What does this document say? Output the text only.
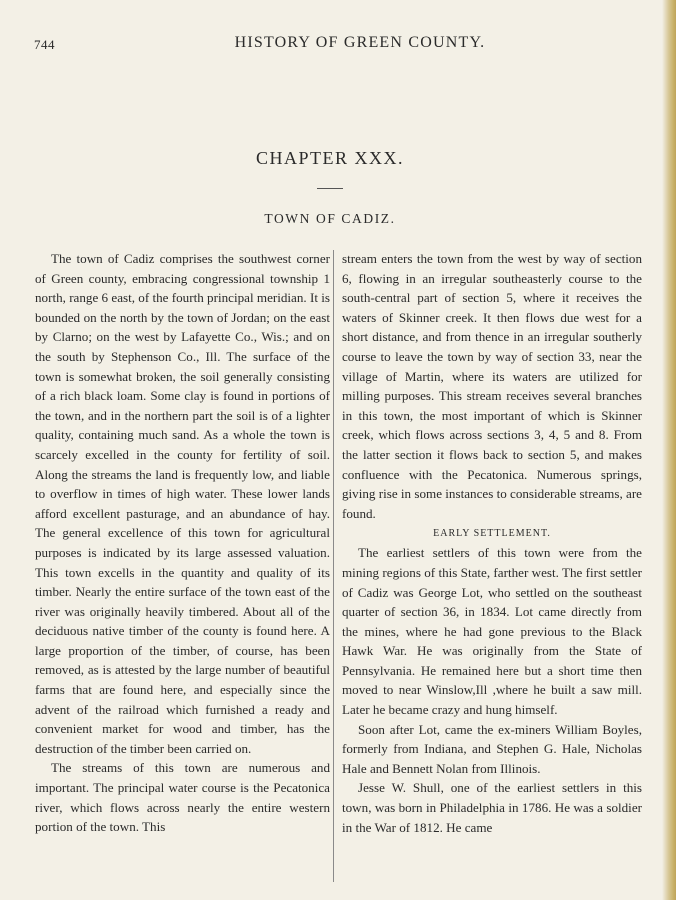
744	HISTORY OF GREEN COUNTY.
CHAPTER XXX.
TOWN OF CADIZ.

The town of Cadiz comprises the southwest corner of Green county, embracing congressional township 1 north, range 6 east, of the fourth principal meridian. It is bounded on the north by the town of Jordan; on the east by Clarno; on the west by Lafayette Co., Wis.; and on the south by Stephenson Co., Ill. The surface of the town is somewhat broken, the soil generally consisting of a rich black loam. Some clay is found in portions of the town, and in the northern part the soil is of a lighter quality, containing much sand. As a whole the town is scarcely excelled in the county for fertility of soil. Along the streams the land is frequently low, and liable to overflow in times of high water. These lower lands afford excellent pasturage, and an abundance of hay. The general excellence of this town for agricultural purposes is indicated by its large assessed valuation. This town excells in the quantity and quality of its timber. Nearly the entire surface of the town east of the river was originally heavily timbered. About all of the deciduous native timber of the county is found here. A large proportion of the timber, of course, has been removed, as is attested by the large number of beautiful farms that are found here, and especially since the advent of the railroad which furnished a ready and convenient market for wood and timber, has the destruction of the timber been carried on.

The streams of this town are numerous and important. The principal water course is the Pecatonica river, which flows across nearly the entire western portion of the town. This

stream enters the town from the west by way of section 6, flowing in an irregular southeasterly course to the south-central part of section 5, where it receives the waters of Skinner creek. It then flows due west for a short distance, and from thence in an irregular southerly course to leave the town by way of section 33, near the village of Martin, where its waters are utilized for milling purposes. This stream receives several branches in this town, the most important of which is Skinner creek, which flows across sections 3, 4, 5 and 8. From the latter section it flows back to section 5, and makes confluence with the Pecatonica. Numerous springs, giving rise in some instances to considerable streams, are found.

EARLY SETTLEMENT.

The earliest settlers of this town were from the mining regions of this State, farther west. The first settler of Cadiz was George Lot, who settled on the southeast quarter of section 36, in 1834. Lot came directly from the mines, where he had gone previous to the Black Hawk War. He was originally from the State of Pennsylvania. He remained here but a short time then moved to near Winslow,Ill ,where he built a saw mill. Later he became crazy and hung himself.

Soon after Lot, came the ex-miners William Boyles, formerly from Indiana, and Stephen G. Hale, Nicholas Hale and Bennett Nolan from Illinois.

Jesse W. Shull, one of the earliest settlers in this town, was born in Philadelphia in 1786. He was a soldier in the War of 1812. He came
